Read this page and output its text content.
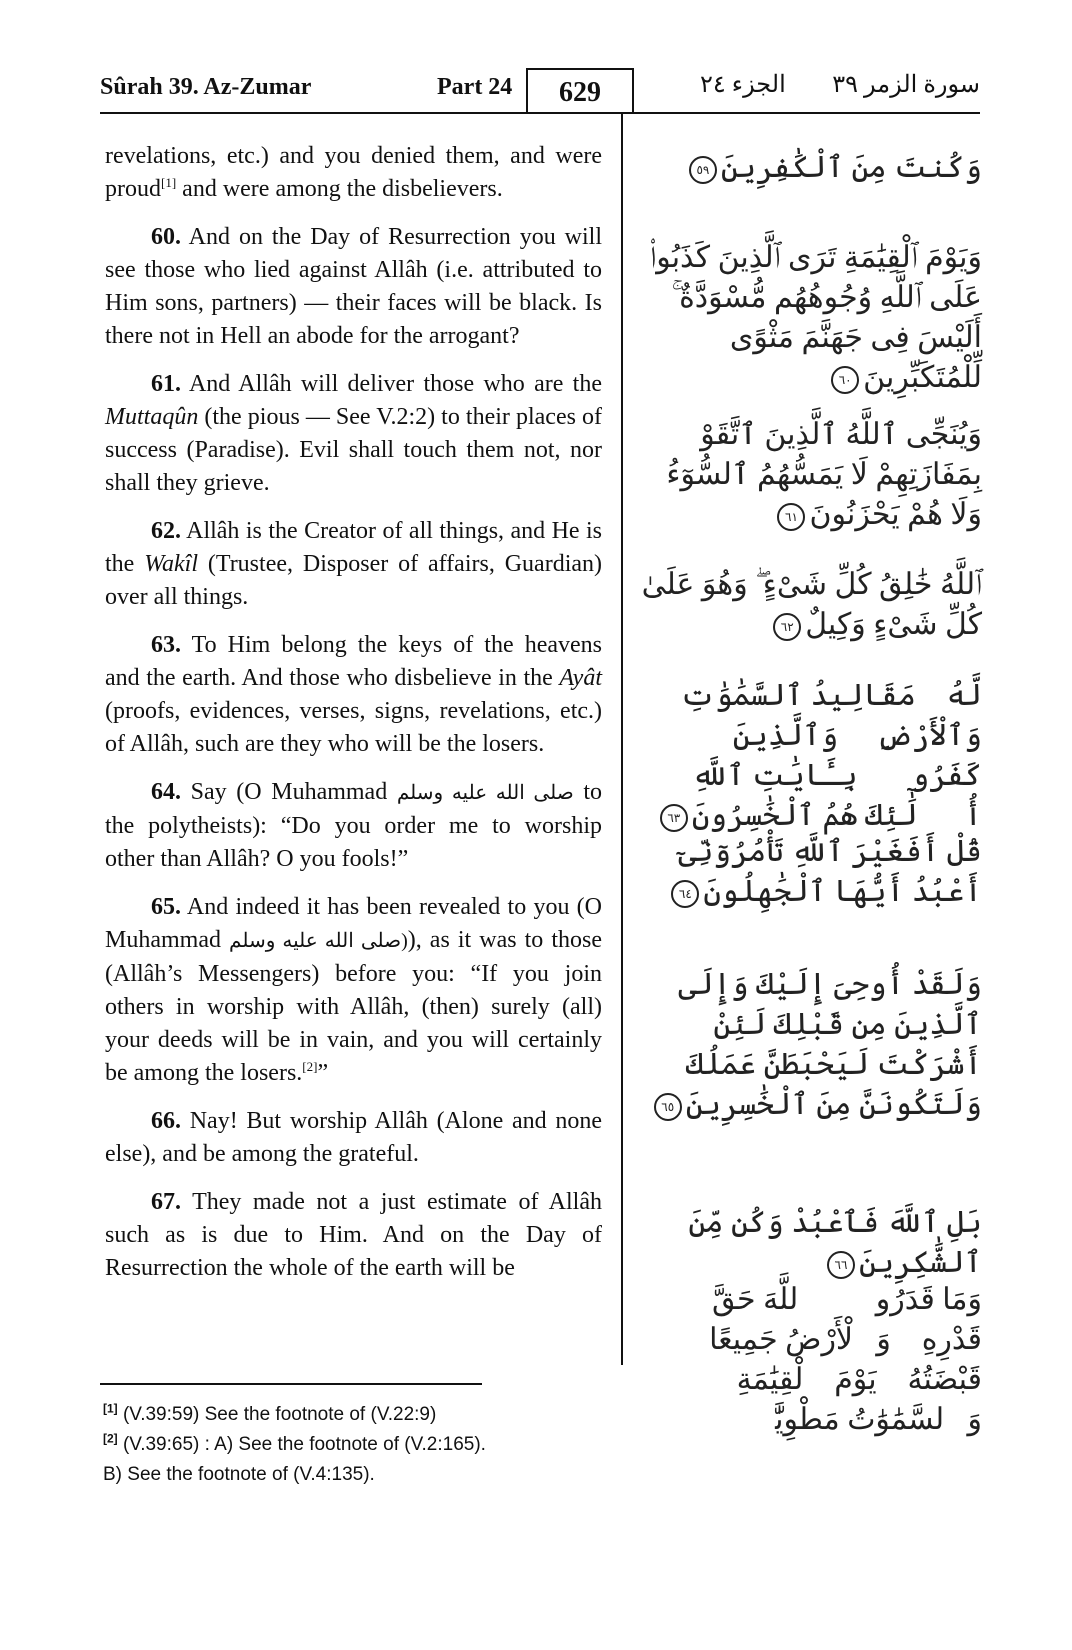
Sûrah 39. Az-Zumar	Part 24	629	الجزء ٢٤ سورة الزمر ٣٩

revelations, etc.) and you denied them, and were proud[1] and were among the disbelievers.

60. And on the Day of Resurrection you will see those who lied against Allâh (i.e. attributed to Him sons, partners) — their faces will be black. Is there not in Hell an abode for the arrogant?

61. And Allâh will deliver those who are the Muttaqûn (the pious — See V.2:2) to their places of success (Paradise). Evil shall touch them not, nor shall they grieve.

62. Allâh is the Creator of all things, and He is the Wakîl (Trustee, Disposer of affairs, Guardian) over all things.

63. To Him belong the keys of the heavens and the earth. And those who disbelieve in the Ayât (proofs, evidences, verses, signs, revelations, etc.) of Allâh, such are they who will be the losers.

64. Say (O Muhammad صلى الله عليه وسلم to the polytheists): “Do you order me to worship other than Allâh? O you fools!”

65. And indeed it has been revealed to you (O Muhammad (صلى الله عليه وسلم), as it was to those (Allâh’s Messengers) before you: “If you join others in worship with Allâh, (then) surely (all) your deeds will be in vain, and you will certainly be among the losers.[2]”

66. Nay! But worship Allâh (Alone and none else), and be among the grateful.

67. They made not a just estimate of Allâh such as is due to Him. And on the Day of Resurrection the whole of the earth will be

وَكُنتَ مِنَ ٱلْكَٰفِرِينَ٥٩
وَيَوْمَ ٱلْقِيَٰمَةِ تَرَى ٱلَّذِينَ كَذَبُوا۟ عَلَى ٱللَّهِ وُجُوهُهُم مُّسْوَدَّةٌ ۚ أَلَيْسَ فِى جَهَنَّمَ مَثْوًى لِّلْمُتَكَبِّرِينَ٦٠
وَيُنَجِّى ٱللَّهُ ٱلَّذِينَ ٱتَّقَوْا۟ بِمَفَازَتِهِمْ لَا يَمَسُّهُمُ ٱلسُّوٓءُ وَلَا هُمْ يَحْزَنُونَ٦١
ٱللَّهُ خَٰلِقُ كُلِّ شَىْءٍ ۖ وَهُوَ عَلَىٰ كُلِّ شَىْءٍ وَكِيلٌ٦٢
لَّهُۥ مَقَالِيدُ ٱلسَّمَٰوَٰتِ وَٱلْأَرْضِ ۗ وَٱلَّذِينَ كَفَرُوا۟ بِـَٔايَٰتِ ٱللَّهِ أُو۟لَٰٓئِكَ هُمُ ٱلْخَٰسِرُونَ٦٣
قُلْ أَفَغَيْرَ ٱللَّهِ تَأْمُرُوٓنِّىٓ أَعْبُدُ أَيُّهَا ٱلْجَٰهِلُونَ٦٤
وَلَقَدْ أُوحِىَ إِلَيْكَ وَإِلَى ٱلَّذِينَ مِن قَبْلِكَ لَئِنْ أَشْرَكْتَ لَيَحْبَطَنَّ عَمَلُكَ وَلَتَكُونَنَّ مِنَ ٱلْخَٰسِرِينَ٦٥
بَلِ ٱللَّهَ فَٱعْبُدْ وَكُن مِّنَ ٱلشَّٰكِرِينَ٦٦
وَمَا قَدَرُوا۟ ٱللَّهَ حَقَّ قَدْرِهِۦ وَٱلْأَرْضُ جَمِيعًا قَبْضَتُهُۥ يَوْمَ ٱلْقِيَٰمَةِ وَٱلسَّمَٰوَٰتُ مَطْوِيَّٰتٌۢ
[1] (V.39:59) See the footnote of (V.22:9)
[2] (V.39:65) : A) See the footnote of (V.2:165).
B) See the footnote of (V.4:135).
